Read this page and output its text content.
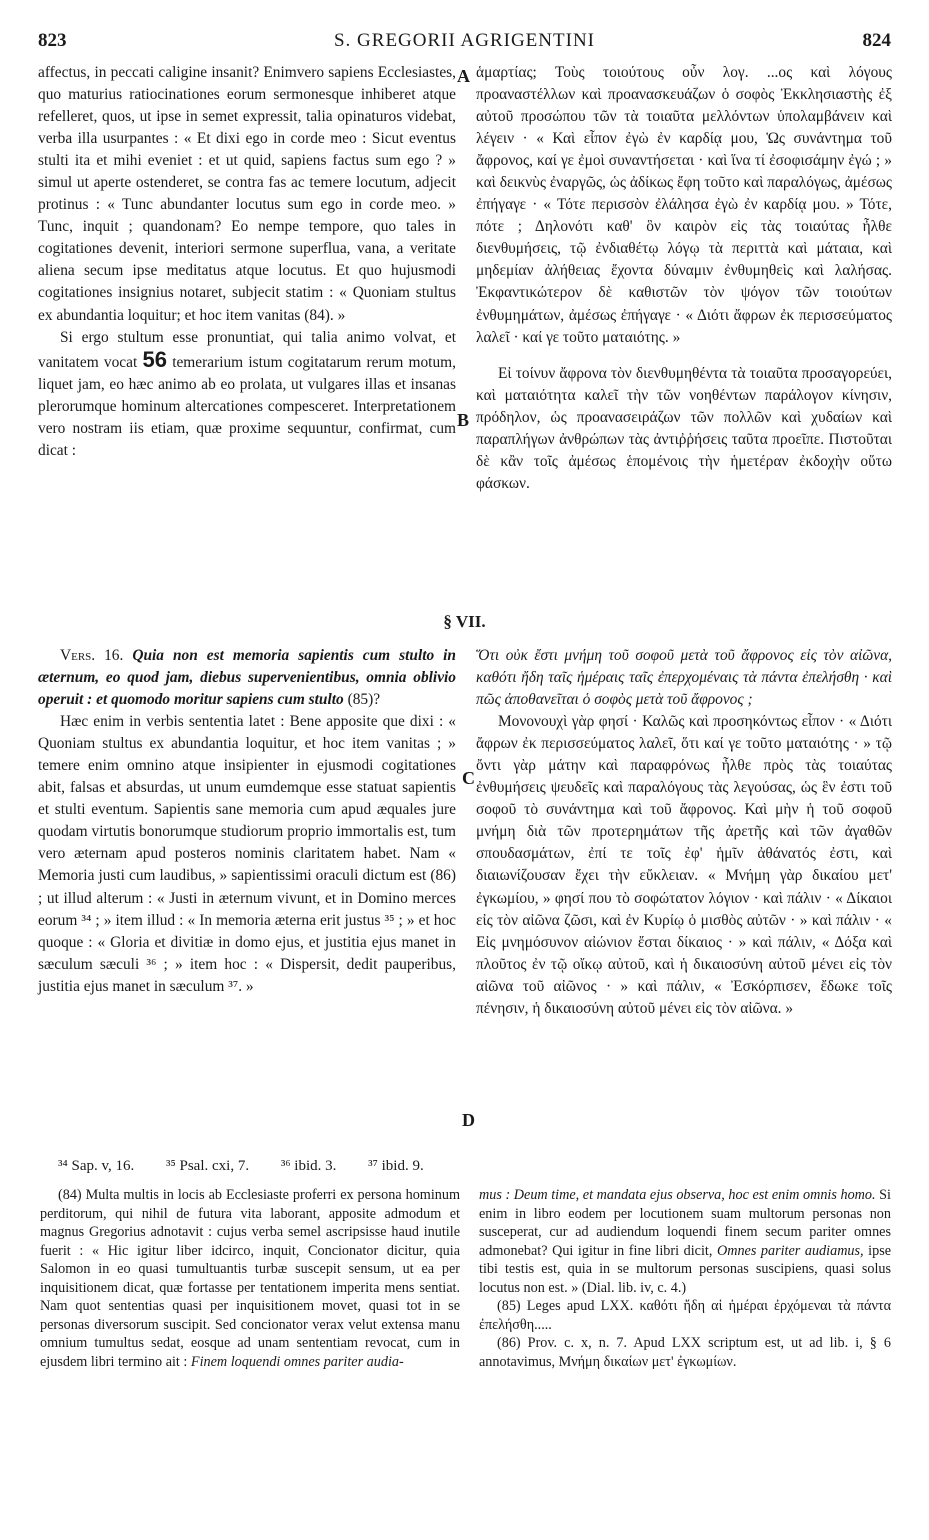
823	S. GREGORII AGRIGENTINI	824

affectus, in peccati caligine insanit? Enimvero sapiens Ecclesiastes, quo maturius ratiocinationes eorum sermonesque inhiberet atque refelleret, quos, ut ipse in semet expressit, talia opinaturos videbat, verba illa usurpantes : « Et dixi ego in corde meo : Sicut eventus stulti ita et mihi eveniet : et ut quid, sapiens factus sum ego ? » simul ut aperte ostenderet, se contra fas ac temere locutum, adjecit protinus : « Tunc abundanter locutus sum ego in corde meo. » Tunc, inquit ; quandonam? Eo nempe tempore, quo tales in cogitationes devenit, interiori sermone superflua, vana, a veritate aliena secum ipse meditatus atque locutus. Et quo hujusmodi cogitationes insignius notaret, subjecit statim : « Quoniam stultus ex abundantia loquitur; et hoc item vanitas (84). »

Si ergo stultum esse pronuntiat, qui talia animo volvat, et vanitatem vocat 56 temerarium istum cogitatarum rerum motum, liquet jam, eo hæc animo ab eo prolata, ut vulgares illas et insanas plerorumque hominum altercationes compesceret. Interpretationem vero nostram iis etiam, quæ proxime sequuntur, confirmat, cum dicat :

ἁμαρτίας; Τοὺς τοιούτους οὖν λογ. ...ος καὶ λόγους προαναστέλλων καὶ προανασκευάζων ὁ σοφὸς Ἐκκλησιαστὴς ἐξ αὐτοῦ προσώπου τῶν τὰ τοιαῦτα μελλόντων ὑπολαμβάνειν καὶ λέγειν · « Καὶ εἶπον ἐγὼ ἐν καρδίᾳ μου, Ὡς συνάντημα τοῦ ἄφρονος, καί γε ἐμοὶ συναντήσεται · καὶ ἵνα τί ἐσοφισάμην ἐγώ ; » καὶ δεικνὺς ἐναργῶς, ὡς ἀδίκως ἔφη τοῦτο καὶ παραλόγως, ἀμέσως ἐπήγαγε · « Τότε περισσὸν ἐλάλησα ἐγὼ ἐν καρδίᾳ μου. » Τότε, πότε ; Δηλονότι καθ' ὃν καιρὸν εἰς τὰς τοιαύτας ἦλθε διενθυμήσεις, τῷ ἐνδιαθέτῳ λόγῳ τὰ περιττὰ καὶ μάταια, καὶ μηδεμίαν ἀλήθειας ἔχοντα δύναμιν ἐνθυμηθεὶς καὶ λαλήσας. Ἐκφαντικώτερον δὲ καθιστῶν τὸν ψόγον τῶν τοιούτων ἐνθυμημάτων, ἀμέσως ἐπήγαγε · « Διότι ἄφρων ἐκ περισσεύματος λαλεῖ · καί γε τοῦτο ματαιότης. »

Εἰ τοίνυν ἄφρονα τὸν διενθυμηθέντα τὰ τοιαῦτα προσαγορεύει, καὶ ματαιότητα καλεῖ τὴν τῶν νοηθέντων παράλογον κίνησιν, πρόδηλον, ὡς προανασειράζων τῶν πολλῶν καὶ χυδαίων καὶ παραπλήγων ἀνθρώπων τὰς ἀντιῤῥήσεις ταῦτα προεῖπε. Πιστοῦται δὲ κἂν τοῖς ἀμέσως ἑπομένοις τὴν ἡμετέραν ἐκδοχὴν οὕτω φάσκων.

A
B
§ VII.

Vers. 16. Quia non est memoria sapientis cum stulto in æternum, eo quod jam, diebus supervenientibus, omnia oblivio operuit : et quomodo moritur sapiens cum stulto (85)?

Hæc enim in verbis sententia latet : Bene apposite que dixi : « Quoniam stultus ex abundantia loquitur, et hoc item vanitas ; » temere enim omnino atque insipienter in ejusmodi cogitationes abit, falsas et absurdas, ut unum eumdemque esse statuat sapientis et stulti eventum. Sapientis sane memoria cum apud æquales jure quodam virtutis bonorumque studiorum proprio immortalis est, tum vero æternam apud posteros nominis claritatem habet. Nam « Memoria justi cum laudibus, » sapientissimi oraculi dictum est (86) ; ut illud alterum : « Justi in æternum vivunt, et in Domino merces eorum ³⁴ ; » item illud : « In memoria æterna erit justus ³⁵ ; » et hoc quoque : « Gloria et divitiæ in domo ejus, et justitia ejus manet in sæculum sæculi ³⁶ ; » item hoc : « Dispersit, dedit pauperibus, justitia ejus manet in sæculum ³⁷. »

Ὅτι οὐκ ἔστι μνήμη τοῦ σοφοῦ μετὰ τοῦ ἄφρονος εἰς τὸν αἰῶνα, καθότι ἤδη ταῖς ἡμέραις ταῖς ἐπερχομέναις τὰ πάντα ἐπελήσθη · καὶ πῶς ἀποθανεῖται ὁ σοφὸς μετὰ τοῦ ἄφρονος ;

Μονονουχὶ γὰρ φησί · Καλῶς καὶ προσηκόντως εἶπον · « Διότι ἄφρων ἐκ περισσεύματος λαλεῖ, ὅτι καί γε τοῦτο ματαιότης · » τῷ ὄντι γὰρ μάτην καὶ παραφρόνως ἦλθε πρὸς τὰς τοιαύτας ἐνθυμήσεις ψευδεῖς καὶ παραλόγους τὰς λεγούσας, ὡς ἓν ἐστι τοῦ σοφοῦ τὸ συνάντημα καὶ τοῦ ἄφρονος. Καὶ μὴν ἡ τοῦ σοφοῦ μνήμη διὰ τῶν προτερημάτων τῆς ἀρετῆς καὶ τῶν ἀγαθῶν σπουδασμάτων, ἐπί τε τοῖς ἐφ' ἡμῖν ἀθάνατός ἐστι, καὶ διαιωνίζουσαν ἔχει τὴν εὔκλειαν. « Μνήμη γὰρ δικαίου μετ' ἐγκωμίου, » φησί που τὸ σοφώτατον λόγιον · καὶ πάλιν · « Δίκαιοι εἰς τὸν αἰῶνα ζῶσι, καὶ ἐν Κυρίῳ ὁ μισθὸς αὐτῶν · » καὶ πάλιν · « Εἰς μνημόσυνον αἰώνιον ἔσται δίκαιος · » καὶ πάλιν, « Δόξα καὶ πλοῦτος ἐν τῷ οἴκῳ αὐτοῦ, καὶ ἡ δικαιοσύνη αὐτοῦ μένει εἰς τὸν αἰῶνα τοῦ αἰῶνος · » καὶ πάλιν, « Ἐσκόρπισεν, ἔδωκε τοῖς πένησιν, ἡ δικαιοσύνη αὐτοῦ μένει εἰς τὸν αἰῶνα. »

C
D
³⁴ Sap. v, 16. ³⁵ Psal. cxi, 7. ³⁶ ibid. 3. ³⁷ ibid. 9.

(84) Multa multis in locis ab Ecclesiaste proferri ex persona hominum perditorum, qui nihil de futura vita laborant, apposite admodum et magnus Gregorius adnotavit : cujus verba semel ascripsisse haud inutile fuerit : « Hic igitur liber idcirco, inquit, Concionator dicitur, quia Salomon in eo quasi tumultuantis turbæ suscepit sensum, ut ea per inquisitionem dicat, quæ fortasse per tentationem imperita mens sentiat. Nam quot sententias quasi per inquisitionem movet, quasi tot in se personas diversorum suscipit. Sed concionator verax velut extensa manu omnium tumultus sedat, eosque ad unam sententiam revocat, cum in ejusdem libri termino ait : Finem loquendi omnes pariter audia-

mus : Deum time, et mandata ejus observa, hoc est enim omnis homo. Si enim in libro eodem per locutionem suam multorum personas non susceperat, cur ad audiendum loquendi finem secum pariter omnes admonebat? Qui igitur in fine libri dicit, Omnes pariter audiamus, ipse tibi testis est, quia in se multorum personas suscipiens, quasi solus locutus non est. » (Dial. lib. iv, c. 4.)

(85) Leges apud LXX. καθότι ἤδη αἱ ἡμέραι ἐρχόμεναι τὰ πάντα ἐπελήσθη.....

(86) Prov. c. x, n. 7. Apud LXX scriptum est, ut ad lib. i, § 6 annotavimus, Μνήμη δικαίων μετ' ἐγκωμίων.
